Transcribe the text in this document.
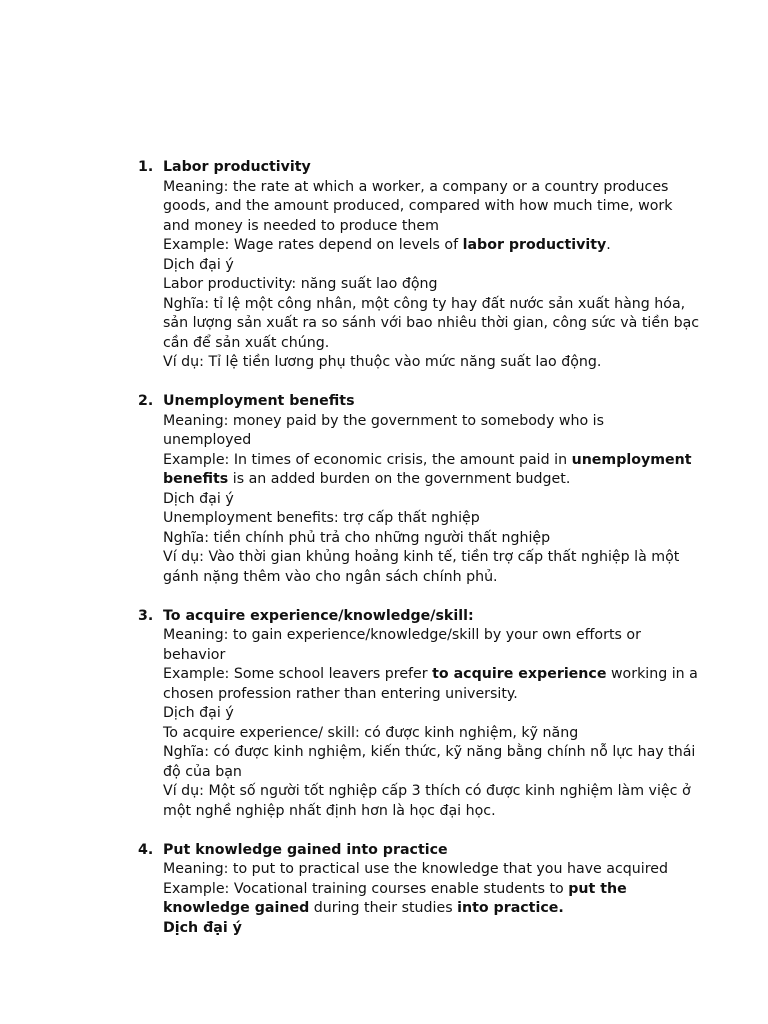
1. Labor productivity
Meaning: the rate at which a worker, a company or a country produces
goods, and the amount produced, compared with how much time, work
and money is needed to produce them
Example: Wage rates depend on levels of labor productivity.
Dịch đại ý
Labor productivity: năng suất lao động
Nghĩa: tỉ lệ một công nhân, một công ty hay đất nước sản xuất hàng hóa,
sản lượng sản xuất ra so sánh với bao nhiêu thời gian, công sức và tiền bạc
cần để sản xuất chúng.
Ví dụ: Tỉ lệ tiền lương phụ thuộc vào mức năng suất lao động.
2. Unemployment benefits
Meaning: money paid by the government to somebody who is
unemployed
Example: In times of economic crisis, the amount paid in unemployment
benefits is an added burden on the government budget.
Dịch đại ý
Unemployment benefits: trợ cấp thất nghiệp
Nghĩa: tiền chính phủ trả cho những người thất nghiệp
Ví dụ: Vào thời gian khủng hoảng kinh tế, tiền trợ cấp thất nghiệp là một
gánh nặng thêm vào cho ngân sách chính phủ.
3. To acquire experience/knowledge/skill:
Meaning: to gain experience/knowledge/skill by your own efforts or
behavior
Example: Some school leavers prefer to acquire experience working in a
chosen profession rather than entering university.
Dịch đại ý
To acquire experience/ skill: có được kinh nghiệm, kỹ năng
Nghĩa: có được kinh nghiệm, kiến thức, kỹ năng bằng chính nỗ lực hay thái
độ của bạn
Ví dụ: Một số người tốt nghiệp cấp 3 thích có được kinh nghiệm làm việc ở
một nghề nghiệp nhất định hơn là học đại học.
4. Put knowledge gained into practice
Meaning: to put to practical use the knowledge that you have acquired
Example: Vocational training courses enable students to put the
knowledge gained during their studies into practice.
Dịch đại ý
